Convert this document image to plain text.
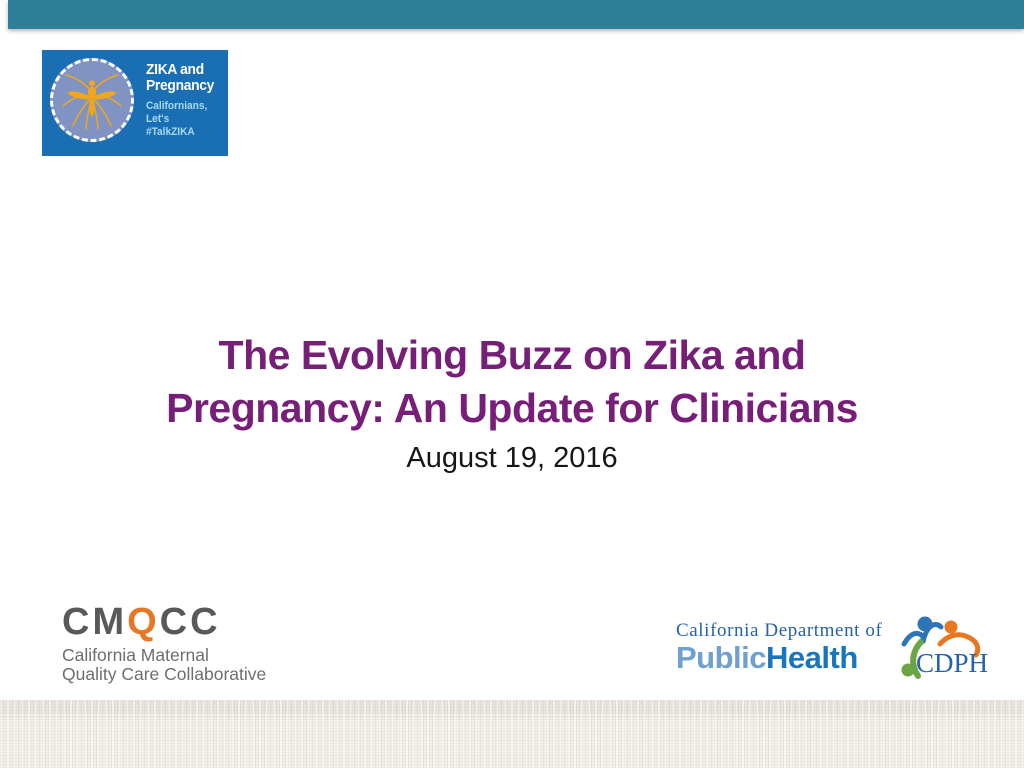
ZIKA and
Pregnancy
Californians,
Let's #TalkZIKA
The Evolving Buzz on Zika and
Pregnancy: An Update for Clinicians
August 19, 2016
CMQCC
California Maternal
Quality Care Collaborative
California Department of
PublicHealth	CDPH
